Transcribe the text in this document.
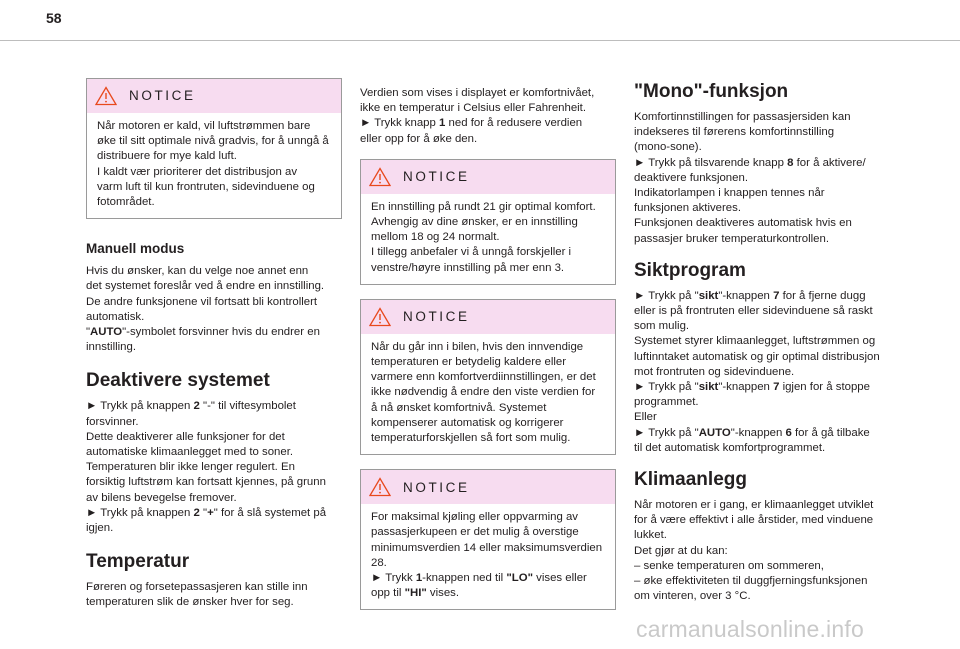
58
NOTICE

Når motoren er kald, vil luftstrømmen bare

øke til sitt optimale nivå gradvis, for å unngå å

distribuere for mye kald luft.

I kaldt vær prioriterer det distribusjon av

varm luft til kun frontruten, sidevinduene og

fotområdet.

Manuell modus

Hvis du ønsker, kan du velge noe annet enn

det systemet foreslår ved å endre en innstilling.

De andre funksjonene vil fortsatt bli kontrollert

automatisk.

"AUTO"-symbolet forsvinner hvis du endrer en

innstilling.

Deaktivere systemet

► Trykk på knappen 2 "-" til viftesymbolet

forsvinner.

Dette deaktiverer alle funksjoner for det

automatiske klimaanlegget med to soner.

Temperaturen blir ikke lenger regulert. En

forsiktig luftstrøm kan fortsatt kjennes, på grunn

av bilens bevegelse fremover.

► Trykk på knappen 2 "+" for å slå systemet på

igjen.

Temperatur

Føreren og forsetepassasjeren kan stille inn

temperaturen slik de ønsker hver for seg.

Verdien som vises i displayet er komfortnivået,

ikke en temperatur i Celsius eller Fahrenheit.

► Trykk knapp 1 ned for å redusere verdien

eller opp for å øke den.

NOTICE

En innstilling på rundt 21 gir optimal komfort.

Avhengig av dine ønsker, er en innstilling

mellom 18 og 24 normalt.

I tillegg anbefaler vi å unngå forskjeller i

venstre/høyre innstilling på mer enn 3.

NOTICE

Når du går inn i bilen, hvis den innvendige

temperaturen er betydelig kaldere eller

varmere enn komfortverdiinnstillingen, er det

ikke nødvendig å endre den viste verdien for

å nå ønsket komfortnivå. Systemet

kompenserer automatisk og korrigerer

temperaturforskjellen så fort som mulig.

NOTICE

For maksimal kjøling eller oppvarming av

passasjerkupeen er det mulig å overstige

minimumsverdien 14 eller maksimumsverdien

28.

► Trykk 1-knappen ned til "LO" vises eller

opp til "HI" vises.

"Mono"-funksjon

Komfortinnstillingen for passasjersiden kan

indekseres til førerens komfortinnstilling

(mono-sone).

► Trykk på tilsvarende knapp 8 for å aktivere/

deaktivere funksjonen.

Indikatorlampen i knappen tennes når

funksjonen aktiveres.

Funksjonen deaktiveres automatisk hvis en

passasjer bruker temperaturkontrollen.

Siktprogram

► Trykk på "sikt"-knappen 7 for å fjerne dugg

eller is på frontruten eller sidevinduene så raskt

som mulig.

Systemet styrer klimaanlegget, luftstrømmen og

luftinntaket automatisk og gir optimal distribusjon

mot frontruten og sidevinduene.

► Trykk på "sikt"-knappen 7 igjen for å stoppe

programmet.

Eller

► Trykk på "AUTO"-knappen 6 for å gå tilbake

til det automatisk komfortprogrammet.

Klimaanlegg

Når motoren er i gang, er klimaanlegget utviklet

for å være effektivt i alle årstider, med vinduene

lukket.

Det gjør at du kan:

– senke temperaturen om sommeren,

– øke effektiviteten til duggfjerningsfunksjonen

om vinteren, over 3 °C.

carmanualsonline.info
